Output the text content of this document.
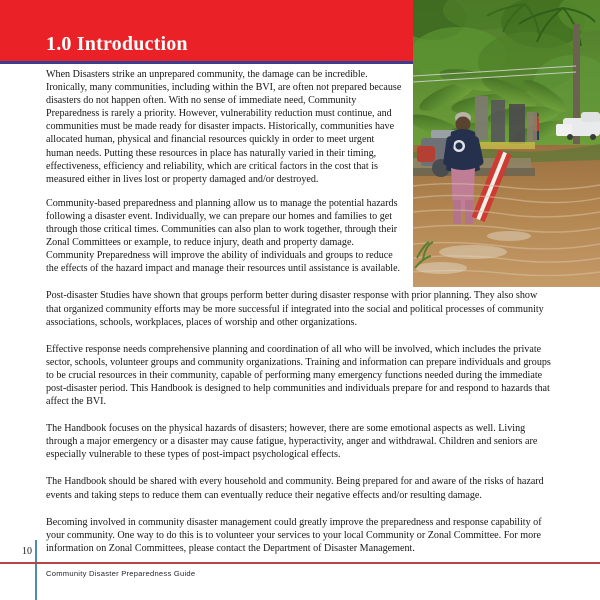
1.0 Introduction

When Disasters strike an unprepared community, the damage can be incredible. Ironically, many communities, including within the BVI, are often not prepared because disasters do not happen often. With no sense of immediate need, Community Preparedness is rarely a priority. However, vulnerability reduction must continue, and communities must be made ready for disaster impacts. Historically, communities have allocated human, physical and financial resources quickly in order to meet urgent human needs. Putting these resources in place has naturally varied in their timing, effectiveness, efficiency and reliability, which are critical factors in the cost that is measured either in lives lost or property damaged and/or destroyed.

Community-based preparedness and planning allow us to manage the potential hazards following a disaster event. Individually, we can prepare our homes and families to get through those critical times. Communities can also plan to work together, through their Zonal Committees or example, to reduce injury, death and property damage. Community Preparedness will improve the ability of individuals and groups to reduce the effects of the hazard impact and manage their resources until assistance is available.

Post-disaster Studies have shown that groups perform better during disaster response with prior planning. They also show that organized community efforts may be more successful if integrated into the social and political processes of community associations, schools, workplaces, places of worship and other organizations.

Effective response needs comprehensive planning and coordination of all who will be involved, which includes the private sector, schools, volunteer groups and community organizations. Training and information can prepare individuals and groups to be crucial resources in their community, capable of performing many emergency functions needed during the immediate post-disaster period. This Handbook is designed to help communities and individuals prepare for and respond to hazards that affect the BVI.

The Handbook focuses on the physical hazards of disasters; however, there are some emotional aspects as well. Living through a major emergency or a disaster may cause fatigue, hyperactivity, anger and withdrawal. Children and seniors are especially vulnerable to these types of post-impact psychological effects.

The Handbook should be shared with every household and community. Being prepared for and aware of the risks of hazard events and taking steps to reduce them can eventually reduce their negative effects and/or resulting damage.

Becoming involved in community disaster management could greatly improve the preparedness and response capability of your community. One way to do this is to volunteer your services to your local Community or Zonal Committee. For more information on Zonal Committees, please contact the Department of Disaster Management.

10
Community Disaster Preparedness Guide
